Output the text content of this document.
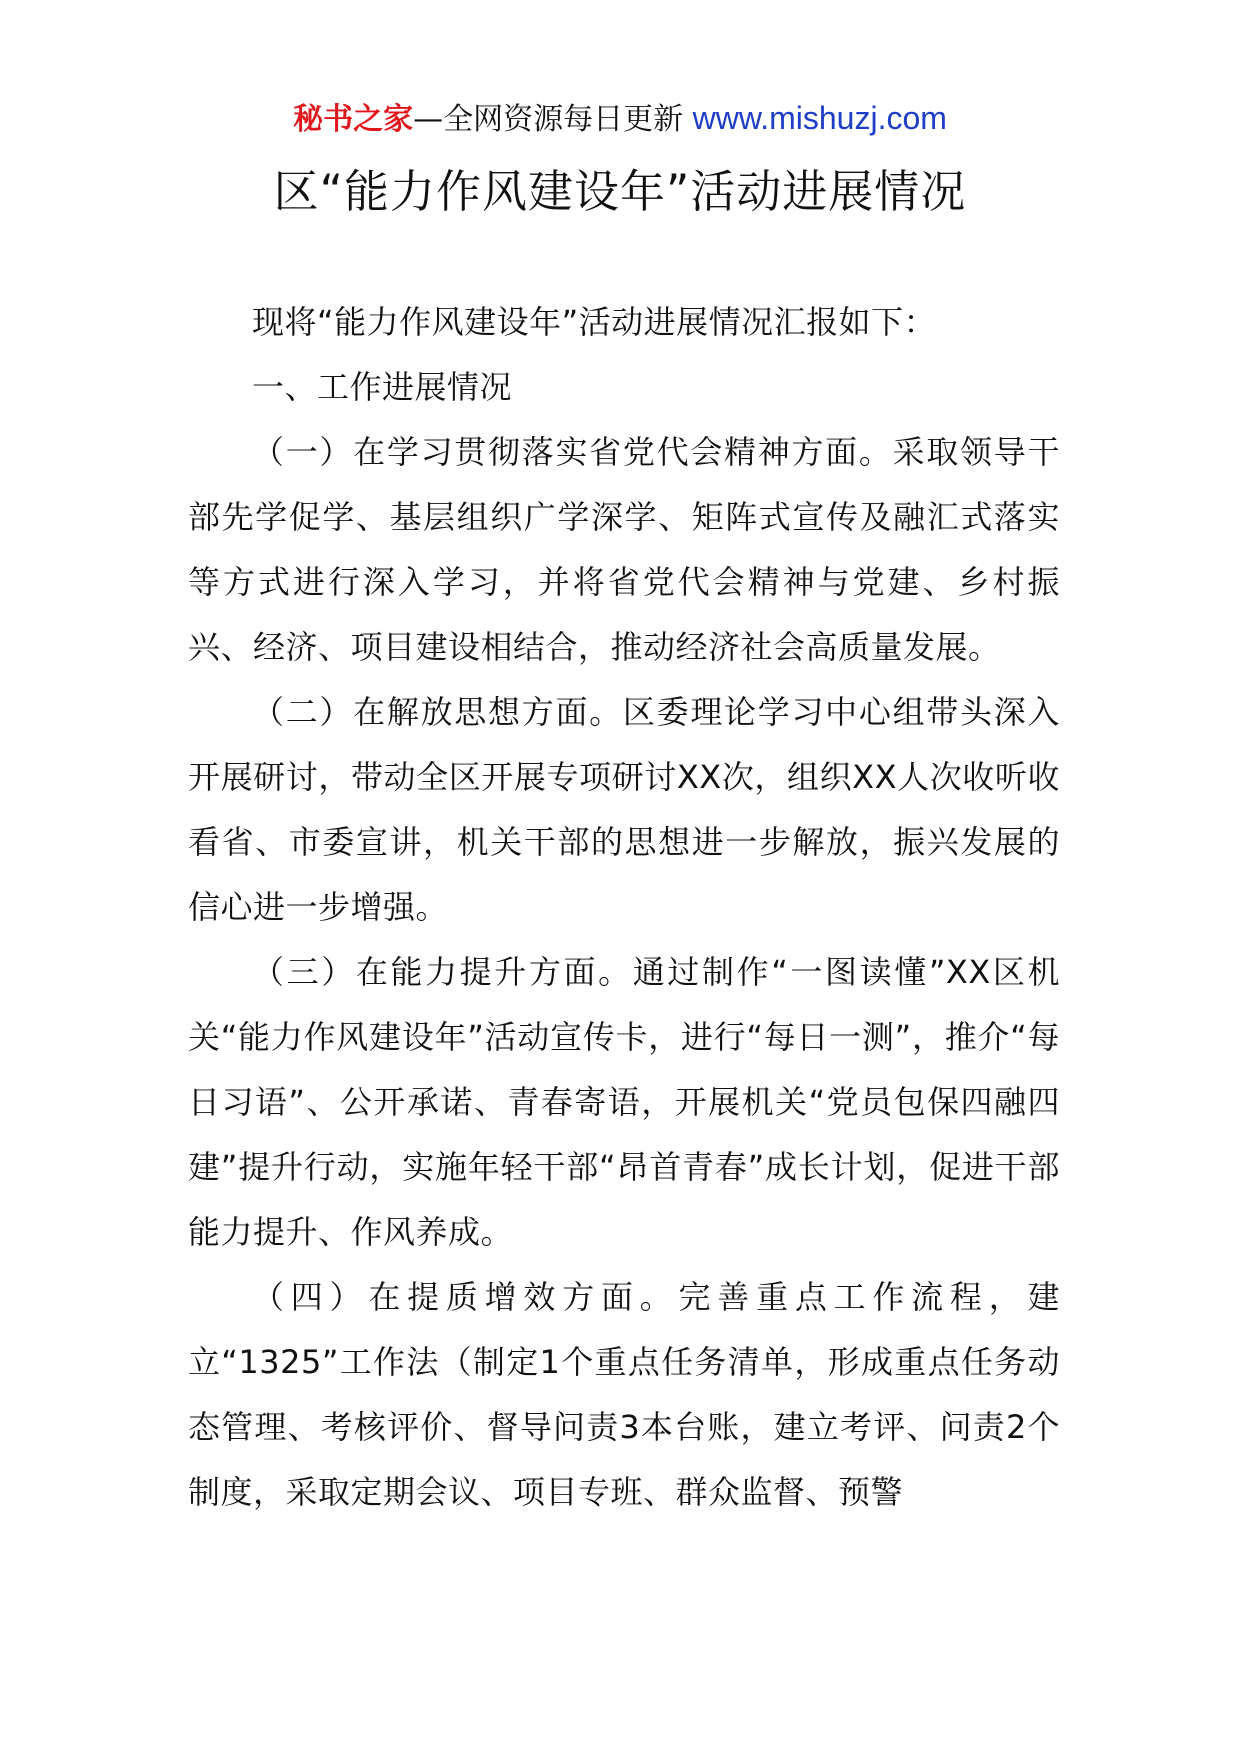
秘书之家—全网资源每日更新 www.mishuzj.com
区“能力作风建设年”活动进展情况

现将“能力作风建设年”活动进展情况汇报如下：

一、工作进展情况

（一）在学习贯彻落实省党代会精神方面。采取领导干部先学促学、基层组织广学深学、矩阵式宣传及融汇式落实等方式进行深入学习，并将省党代会精神与党建、乡村振兴、经济、项目建设相结合，推动经济社会高质量发展。

（二）在解放思想方面。区委理论学习中心组带头深入开展研讨，带动全区开展专项研讨XX次，组织XX人次收听收看省、市委宣讲，机关干部的思想进一步解放，振兴发展的信心进一步增强。

（三）在能力提升方面。通过制作“一图读懂”XX区机关“能力作风建设年”活动宣传卡，进行“每日一测”，推介“每日习语”、公开承诺、青春寄语，开展机关“党员包保四融四建”提升行动，实施年轻干部“昂首青春”成长计划，促进干部能力提升、作风养成。

（四）在提质增效方面。完善重点工作流程，建立“1325”工作法（制定1个重点任务清单，形成重点任务动态管理、考核评价、督导问责3本台账，建立考评、问责2个制度，采取定期会议、项目专班、群众监督、预警
